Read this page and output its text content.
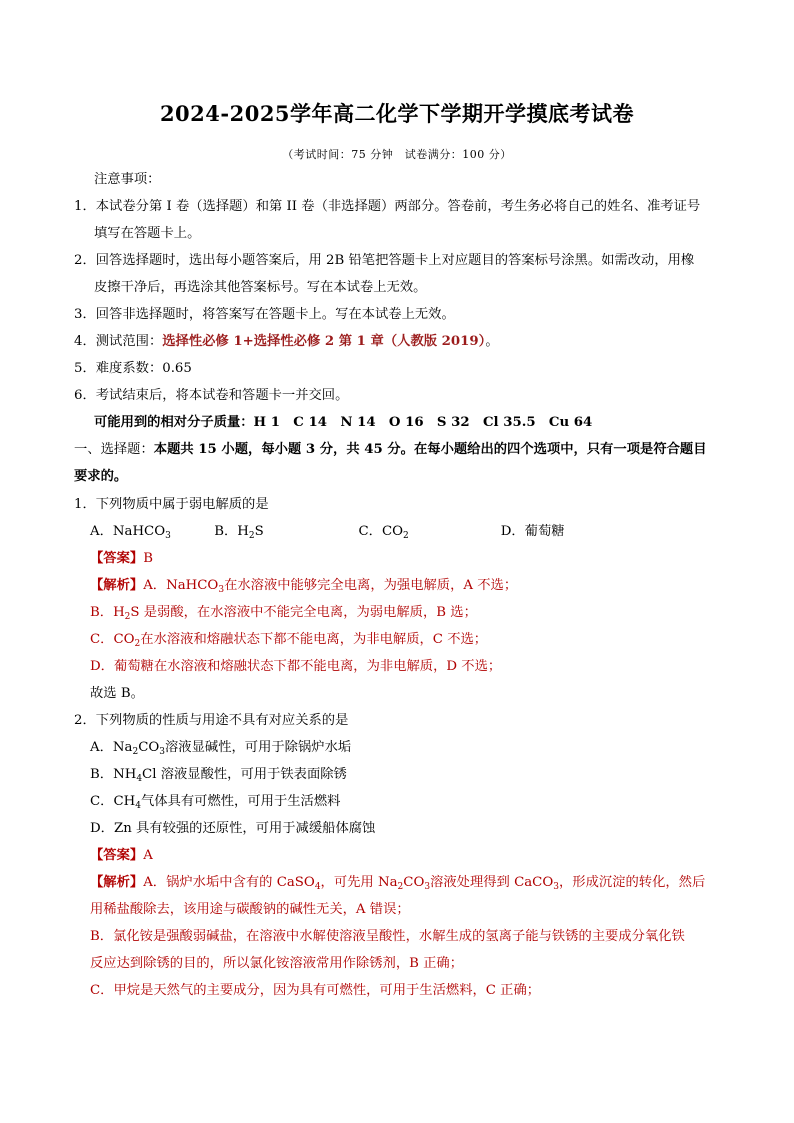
2024-2025学年高二化学下学期开学摸底考试卷
（考试时间：75 分钟　试卷满分：100 分）
注意事项：
1．本试卷分第 I 卷（选择题）和第 II 卷（非选择题）两部分。答卷前，考生务必将自己的姓名、准考证号
填写在答题卡上。
2．回答选择题时，选出每小题答案后，用 2B 铅笔把答题卡上对应题目的答案标号涂黑。如需改动，用橡
皮擦干净后，再选涂其他答案标号。写在本试卷上无效。
3．回答非选择题时，将答案写在答题卡上。写在本试卷上无效。
4．测试范围：选择性必修 1+选择性必修 2 第 1 章（人教版 2019）。
5．难度系数：0.65
6．考试结束后，将本试卷和答题卡一并交回。
可能用到的相对分子质量：H 1　C 14　N 14　O 16　S 32　Cl 35.5　Cu 64
一、选择题：本题共 15 小题，每小题 3 分，共 45 分。在每小题给出的四个选项中，只有一项是符合题目
要求的。
1．下列物质中属于弱电解质的是
A．NaHCO$_3$	B．$H_2S$	C．$CO_2$	D．葡萄糖
【答案】B
【解析】A．NaHCO$_3$在水溶液中能够完全电离，为强电解质，A 不选；
B．$H_2S$ 是弱酸，在水溶液中不能完全电离，为弱电解质，B 选；
C．$CO_2$在水溶液和熔融状态下都不能电离，为非电解质，C 不选；
D．葡萄糖在水溶液和熔融状态下都不能电离，为非电解质，D 不选；
故选 B。
2．下列物质的性质与用途不具有对应关系的是
A．$Na_2CO_3$溶液显碱性，可用于除锅炉水垢
B．$NH_4Cl$ 溶液显酸性，可用于铁表面除锈
C．$CH_4$气体具有可燃性，可用于生活燃料
D．Zn 具有较强的还原性，可用于减缓船体腐蚀
【答案】A
【解析】A．锅炉水垢中含有的 CaSO$_4$，可先用 $Na_2CO_3$溶液处理得到 CaCO$_3$，形成沉淀的转化，然后
用稀盐酸除去，该用途与碳酸钠的碱性无关，A 错误；
B．氯化铵是强酸弱碱盐，在溶液中水解使溶液呈酸性，水解生成的氢离子能与铁锈的主要成分氧化铁
反应达到除锈的目的，所以氯化铵溶液常用作除锈剂，B 正确；
C．甲烷是天然气的主要成分，因为具有可燃性，可用于生活燃料，C 正确；
